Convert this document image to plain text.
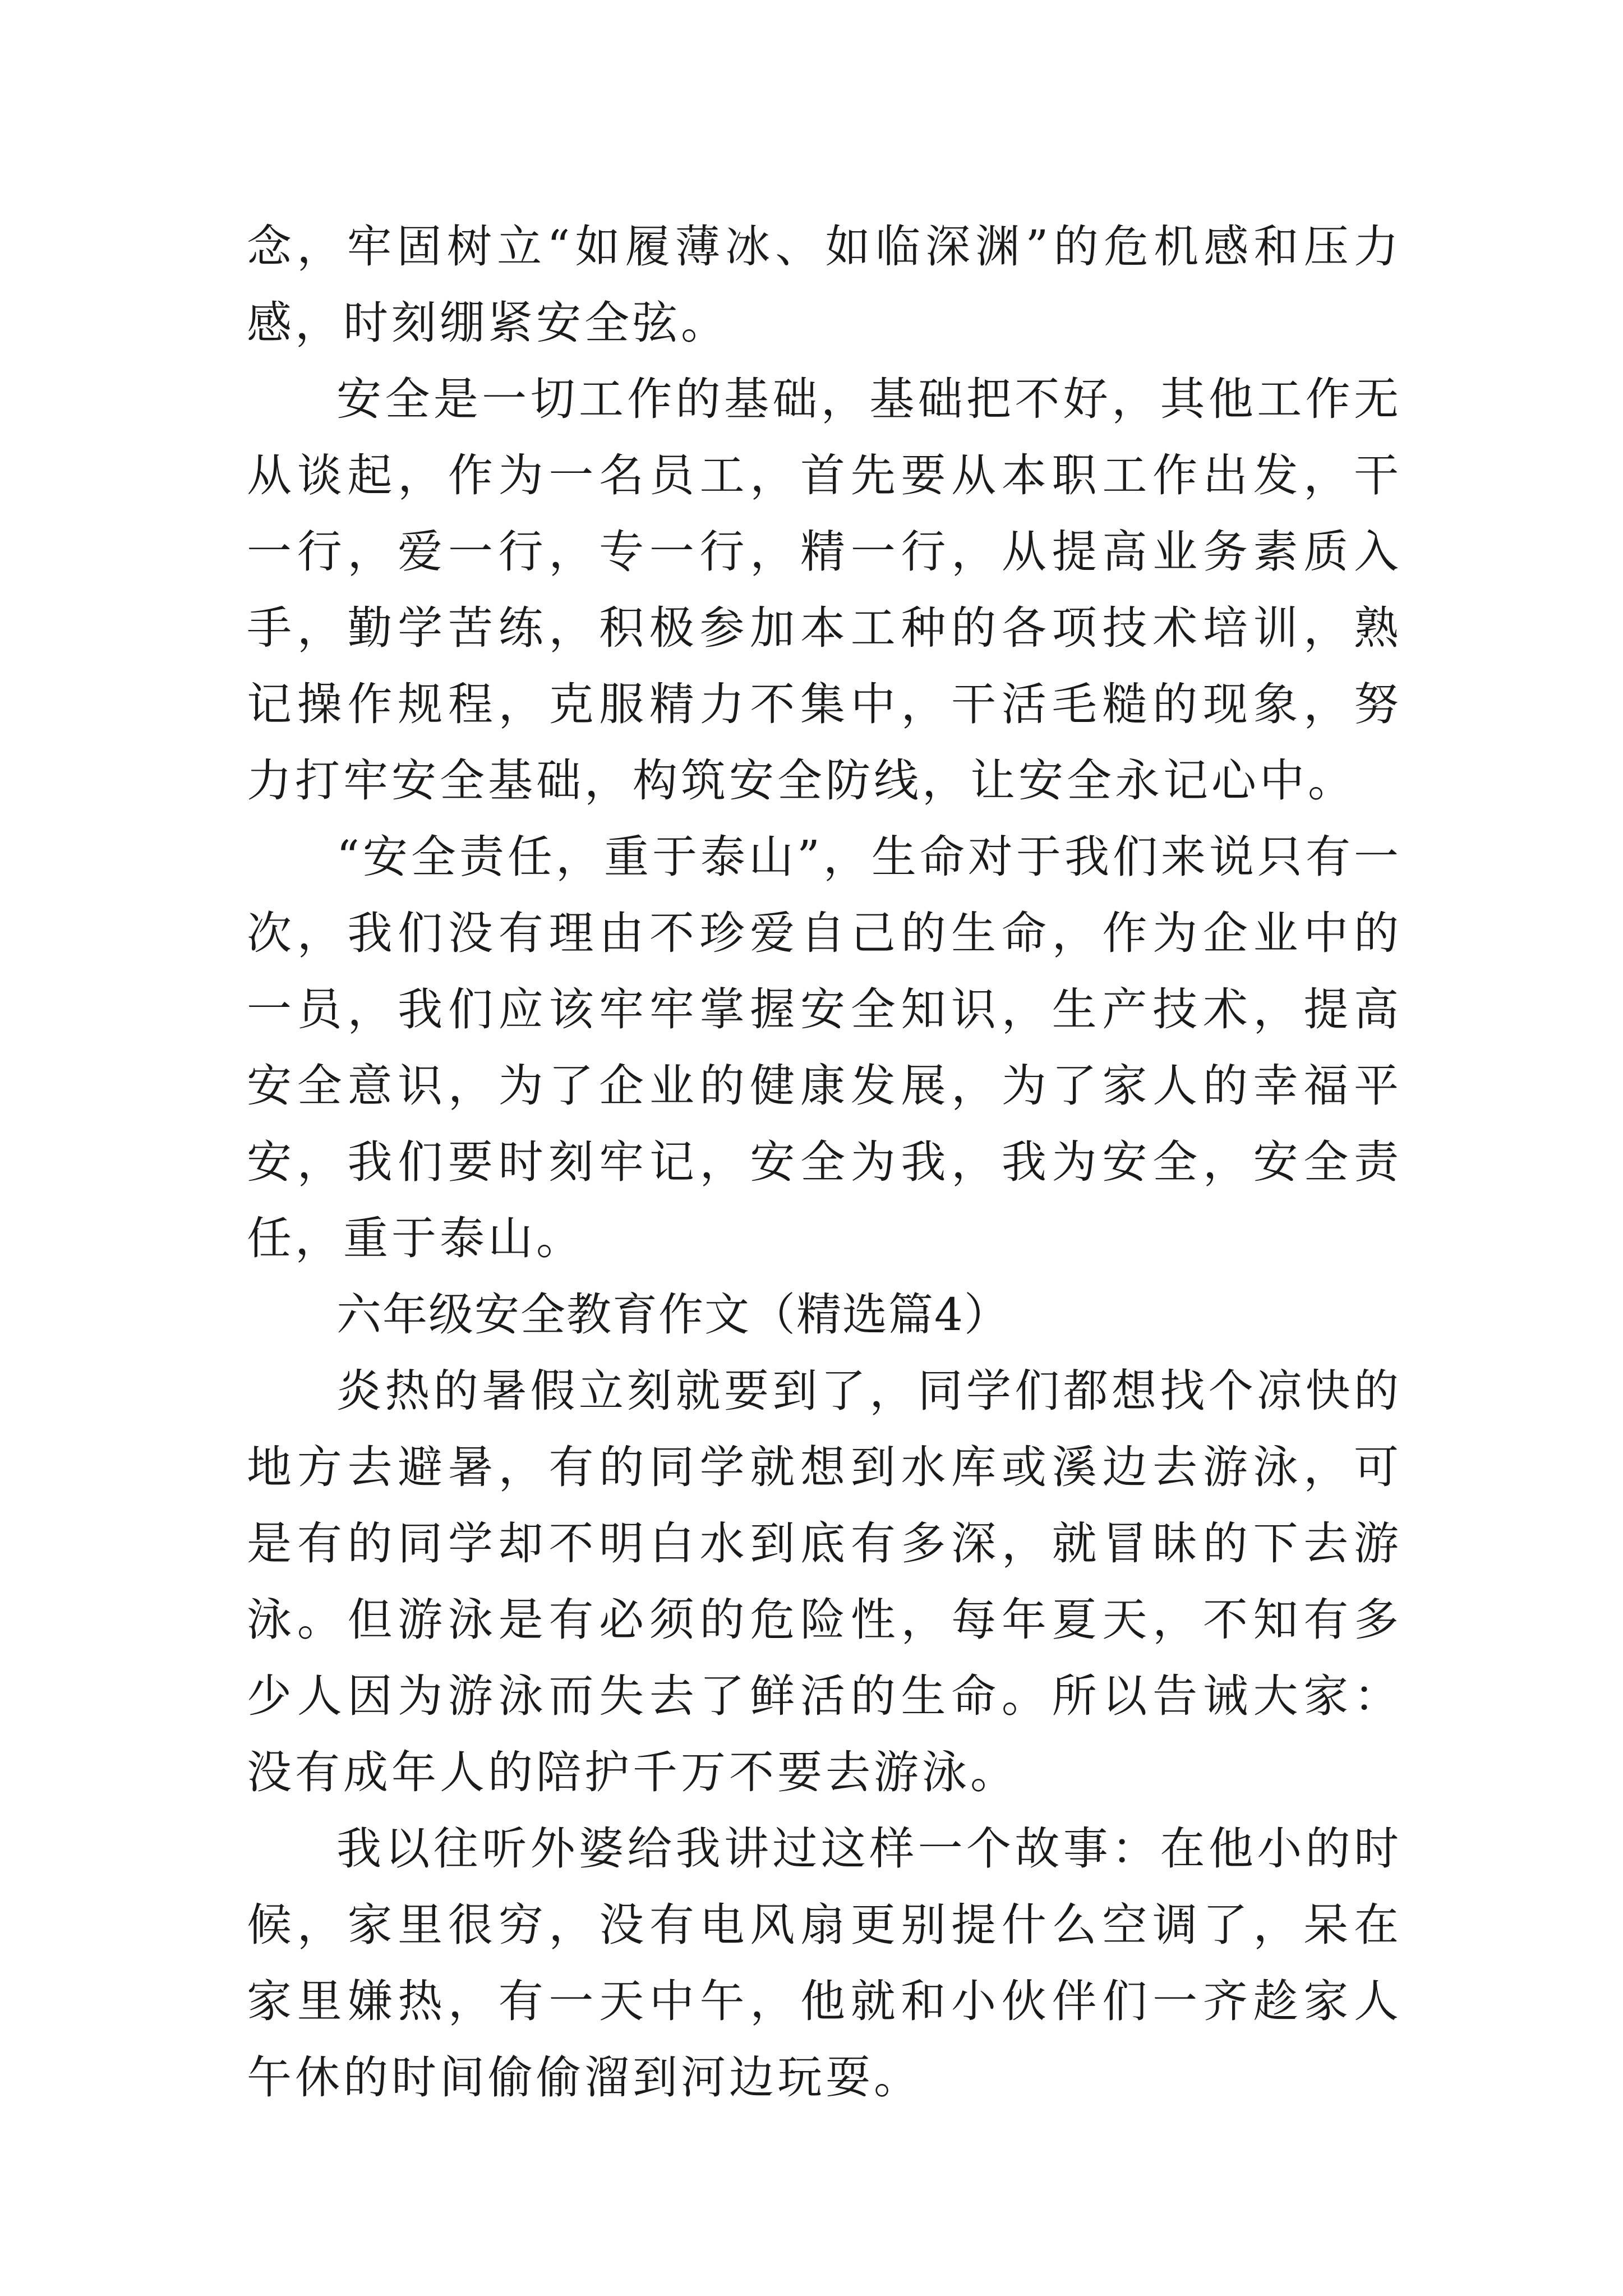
念，牢固树立“如履薄冰、如临深渊”的危机感和压力感，时刻绷紧安全弦。

安全是一切工作的基础，基础把不好，其他工作无从谈起，作为一名员工，首先要从本职工作出发，干一行，爱一行，专一行，精一行，从提高业务素质入手，勤学苦练，积极参加本工种的各项技术培训，熟记操作规程，克服精力不集中，干活毛糙的现象，努力打牢安全基础，构筑安全防线，让安全永记心中。

“安全责任，重于泰山”，生命对于我们来说只有一次，我们没有理由不珍爱自己的生命，作为企业中的一员，我们应该牢牢掌握安全知识，生产技术，提高安全意识，为了企业的健康发展，为了家人的幸福平安，我们要时刻牢记，安全为我，我为安全，安全责任，重于泰山。

六年级安全教育作文（精选篇4）

炎热的暑假立刻就要到了，同学们都想找个凉快的地方去避暑，有的同学就想到水库或溪边去游泳，可是有的同学却不明白水到底有多深，就冒昧的下去游泳。但游泳是有必须的危险性，每年夏天，不知有多少人因为游泳而失去了鲜活的生命。所以告诫大家：没有成年人的陪护千万不要去游泳。

我以往听外婆给我讲过这样一个故事：在他小的时候，家里很穷，没有电风扇更别提什么空调了，呆在家里嫌热，有一天中午，他就和小伙伴们一齐趁家人午休的时间偷偷溜到河边玩耍。
